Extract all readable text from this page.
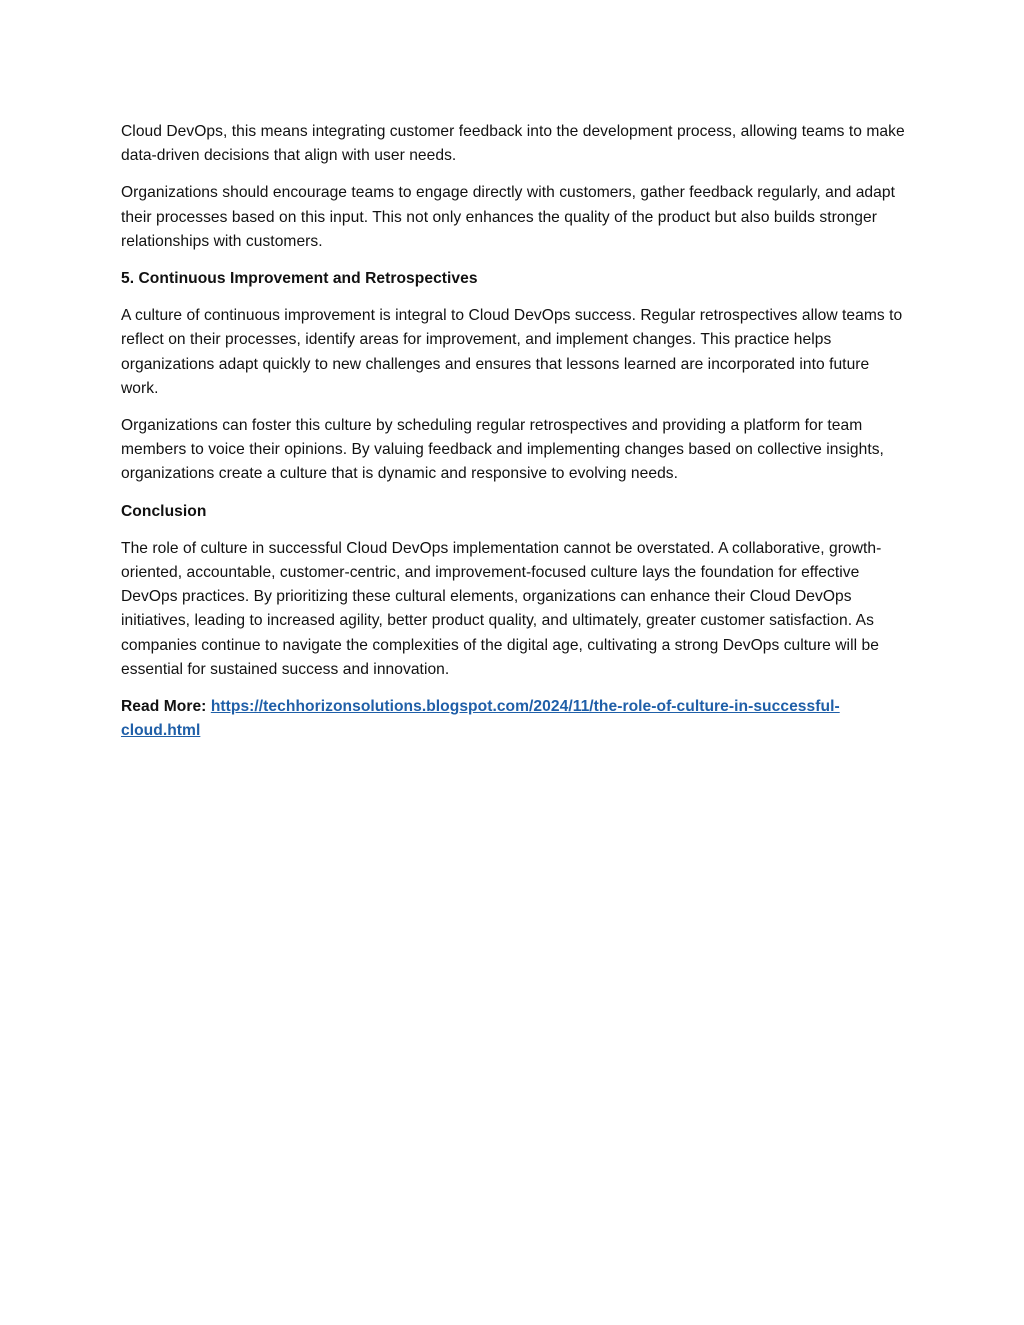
Cloud DevOps, this means integrating customer feedback into the development process, allowing teams to make data-driven decisions that align with user needs.

Organizations should encourage teams to engage directly with customers, gather feedback regularly, and adapt their processes based on this input. This not only enhances the quality of the product but also builds stronger relationships with customers.

5. Continuous Improvement and Retrospectives

A culture of continuous improvement is integral to Cloud DevOps success. Regular retrospectives allow teams to reflect on their processes, identify areas for improvement, and implement changes. This practice helps organizations adapt quickly to new challenges and ensures that lessons learned are incorporated into future work.

Organizations can foster this culture by scheduling regular retrospectives and providing a platform for team members to voice their opinions. By valuing feedback and implementing changes based on collective insights, organizations create a culture that is dynamic and responsive to evolving needs.

Conclusion

The role of culture in successful Cloud DevOps implementation cannot be overstated. A collaborative, growth-oriented, accountable, customer-centric, and improvement-focused culture lays the foundation for effective DevOps practices. By prioritizing these cultural elements, organizations can enhance their Cloud DevOps initiatives, leading to increased agility, better product quality, and ultimately, greater customer satisfaction. As companies continue to navigate the complexities of the digital age, cultivating a strong DevOps culture will be essential for sustained success and innovation.

Read More: https://techhorizonsolutions.blogspot.com/2024/11/the-role-of-culture-in-successful-cloud.html
